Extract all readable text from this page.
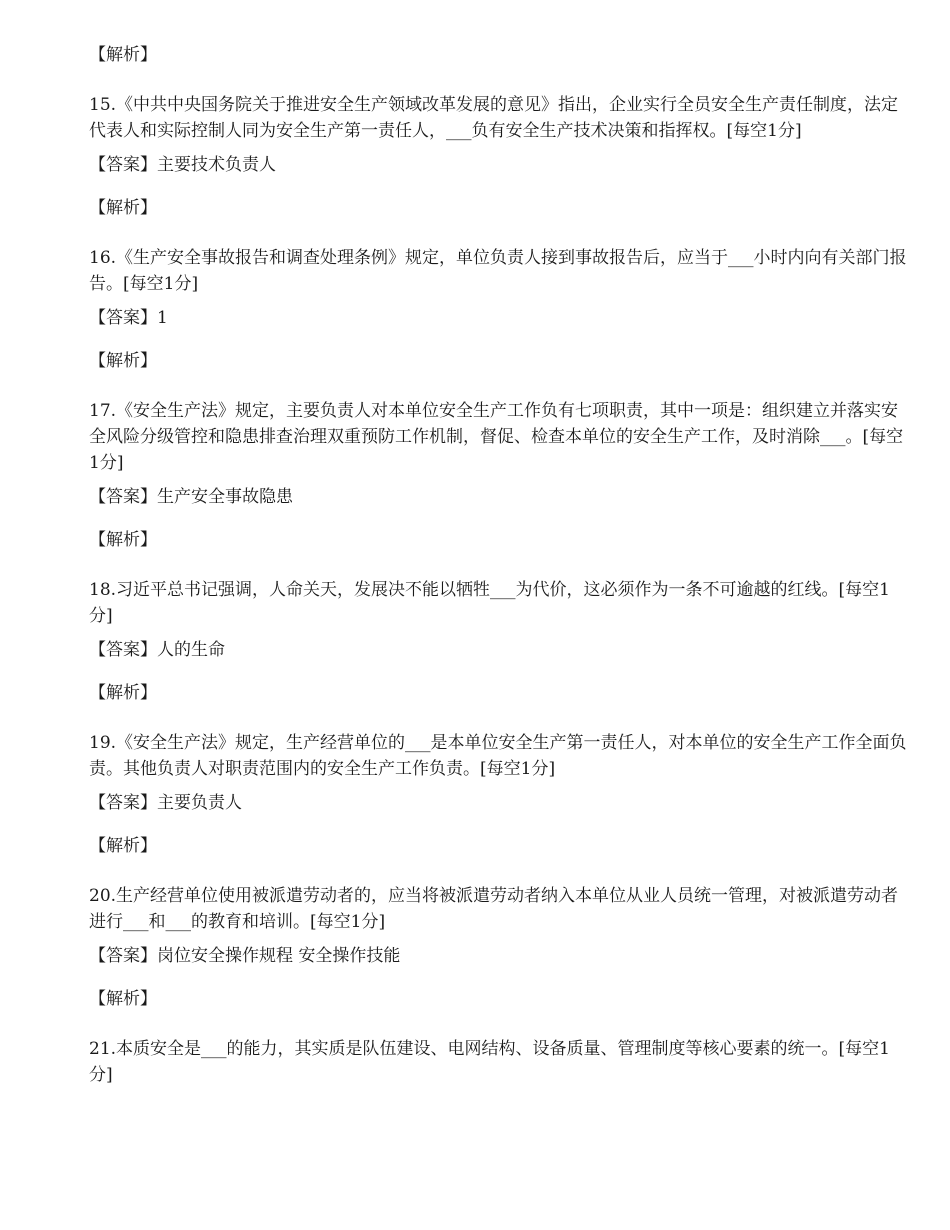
【解析】

15.《中共中央国务院关于推进安全生产领域改革发展的意见》指出，企业实行全员安全生产责任制度，法定代表人和实际控制人同为安全生产第一责任人，___负有安全生产技术决策和指挥权。[每空1分]

【答案】主要技术负责人

【解析】

16.《生产安全事故报告和调查处理条例》规定，单位负责人接到事故报告后，应当于___小时内向有关部门报告。[每空1分]

【答案】1

【解析】

17.《安全生产法》规定，主要负责人对本单位安全生产工作负有七项职责，其中一项是：组织建立并落实安全风险分级管控和隐患排查治理双重预防工作机制，督促、检查本单位的安全生产工作，及时消除___。[每空1分]

【答案】生产安全事故隐患

【解析】

18.习近平总书记强调，人命关天，发展决不能以牺牲___为代价，这必须作为一条不可逾越的红线。[每空1分]

【答案】人的生命

【解析】

19.《安全生产法》规定，生产经营单位的___是本单位安全生产第一责任人，对本单位的安全生产工作全面负责。其他负责人对职责范围内的安全生产工作负责。[每空1分]

【答案】主要负责人

【解析】

20.生产经营单位使用被派遣劳动者的，应当将被派遣劳动者纳入本单位从业人员统一管理，对被派遣劳动者进行___和___的教育和培训。[每空1分]

【答案】岗位安全操作规程 安全操作技能

【解析】

21.本质安全是___的能力，其实质是队伍建设、电网结构、设备质量、管理制度等核心要素的统一。[每空1分]
